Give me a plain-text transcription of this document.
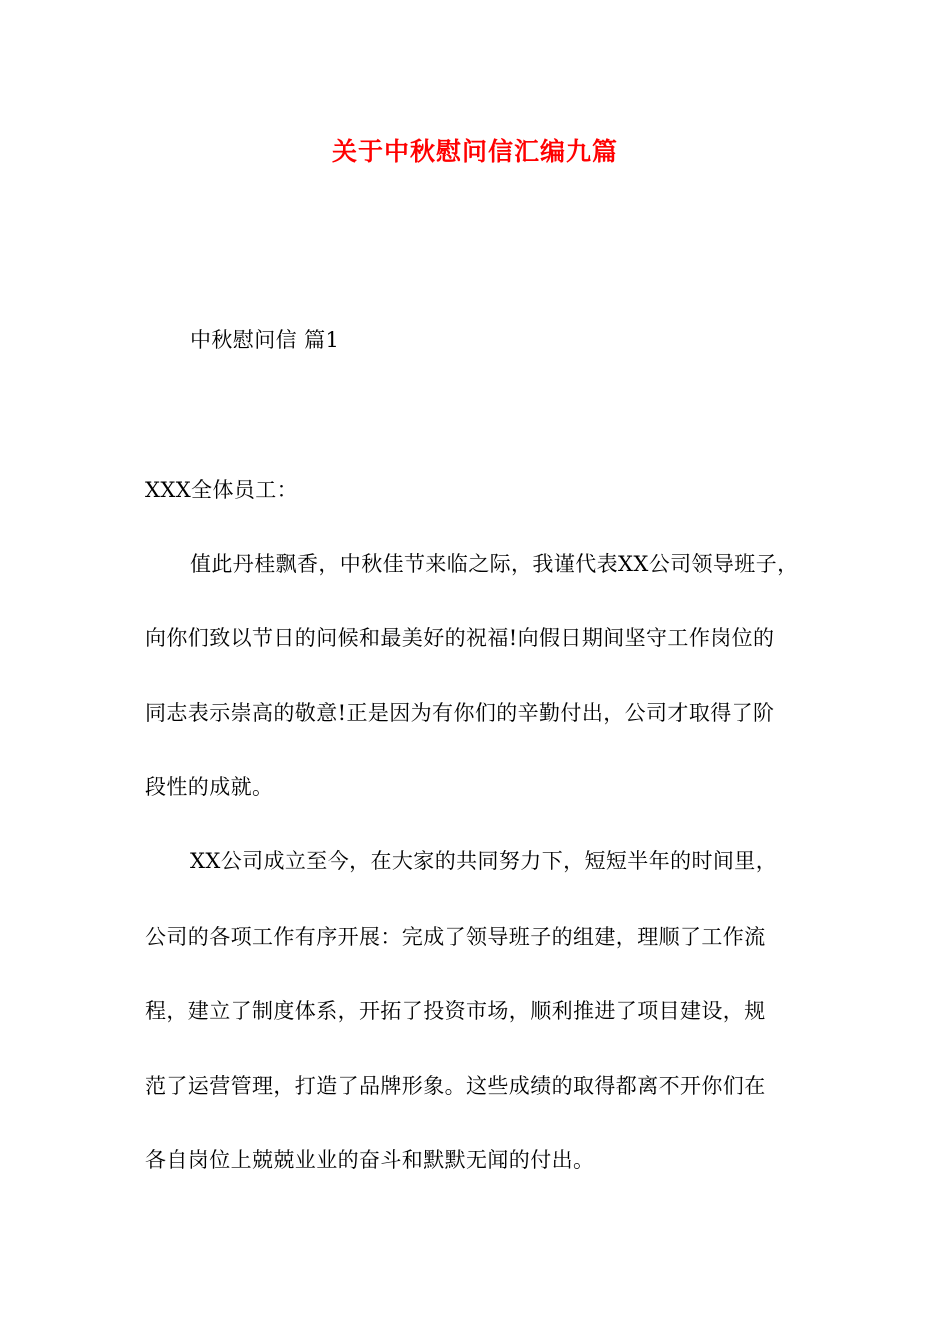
关于中秋慰问信汇编九篇
中秋慰问信 篇1
XXX全体员工：
值此丹桂飘香，中秋佳节来临之际，我谨代表XX公司领导班子，
向你们致以节日的问候和最美好的祝福!向假日期间坚守工作岗位的
同志表示崇高的敬意!正是因为有你们的辛勤付出，公司才取得了阶
段性的成就。
XX公司成立至今，在大家的共同努力下，短短半年的时间里，
公司的各项工作有序开展：完成了领导班子的组建，理顺了工作流
程，建立了制度体系，开拓了投资市场，顺利推进了项目建设，规
范了运营管理，打造了品牌形象。这些成绩的取得都离不开你们在
各自岗位上兢兢业业的奋斗和默默无闻的付出。
